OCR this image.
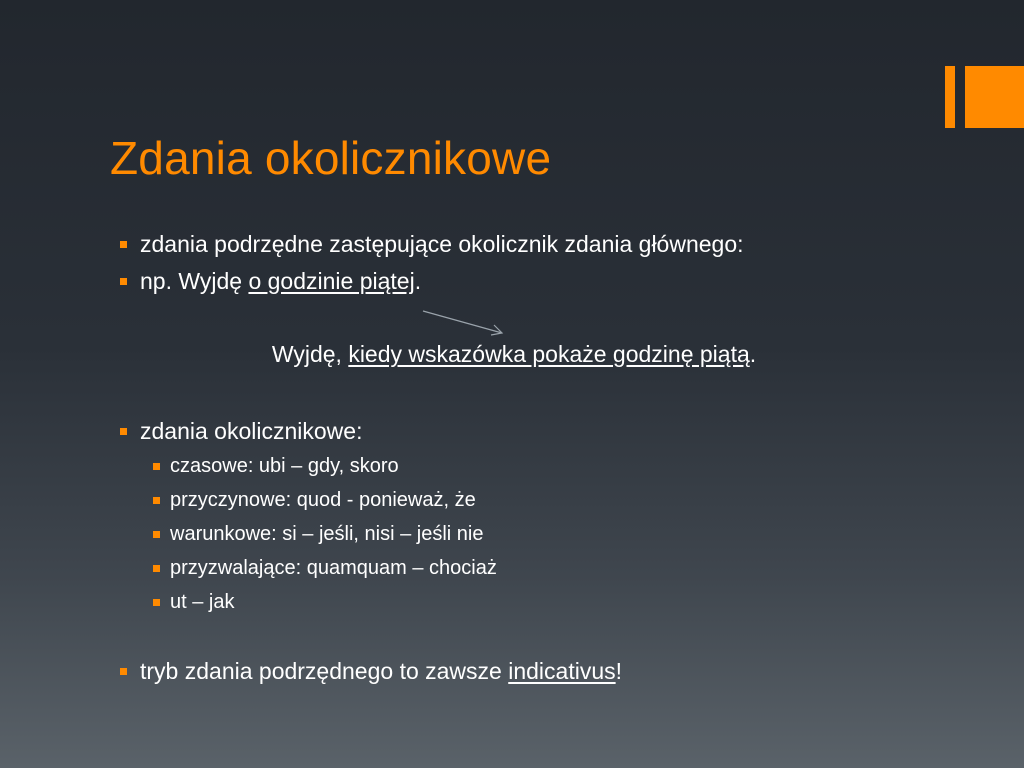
Zdania okolicznikowe
zdania podrzędne zastępujące okolicznik zdania głównego:
np. Wyjdę o godzinie piątej.
Wyjdę, kiedy wskazówka pokaże godzinę piątą.
zdania okolicznikowe:
czasowe: ubi – gdy, skoro
przyczynowe: quod - ponieważ, że
warunkowe: si – jeśli, nisi – jeśli nie
przyzwalające: quamquam – chociaż
ut – jak
tryb zdania podrzędnego to zawsze indicativus!
